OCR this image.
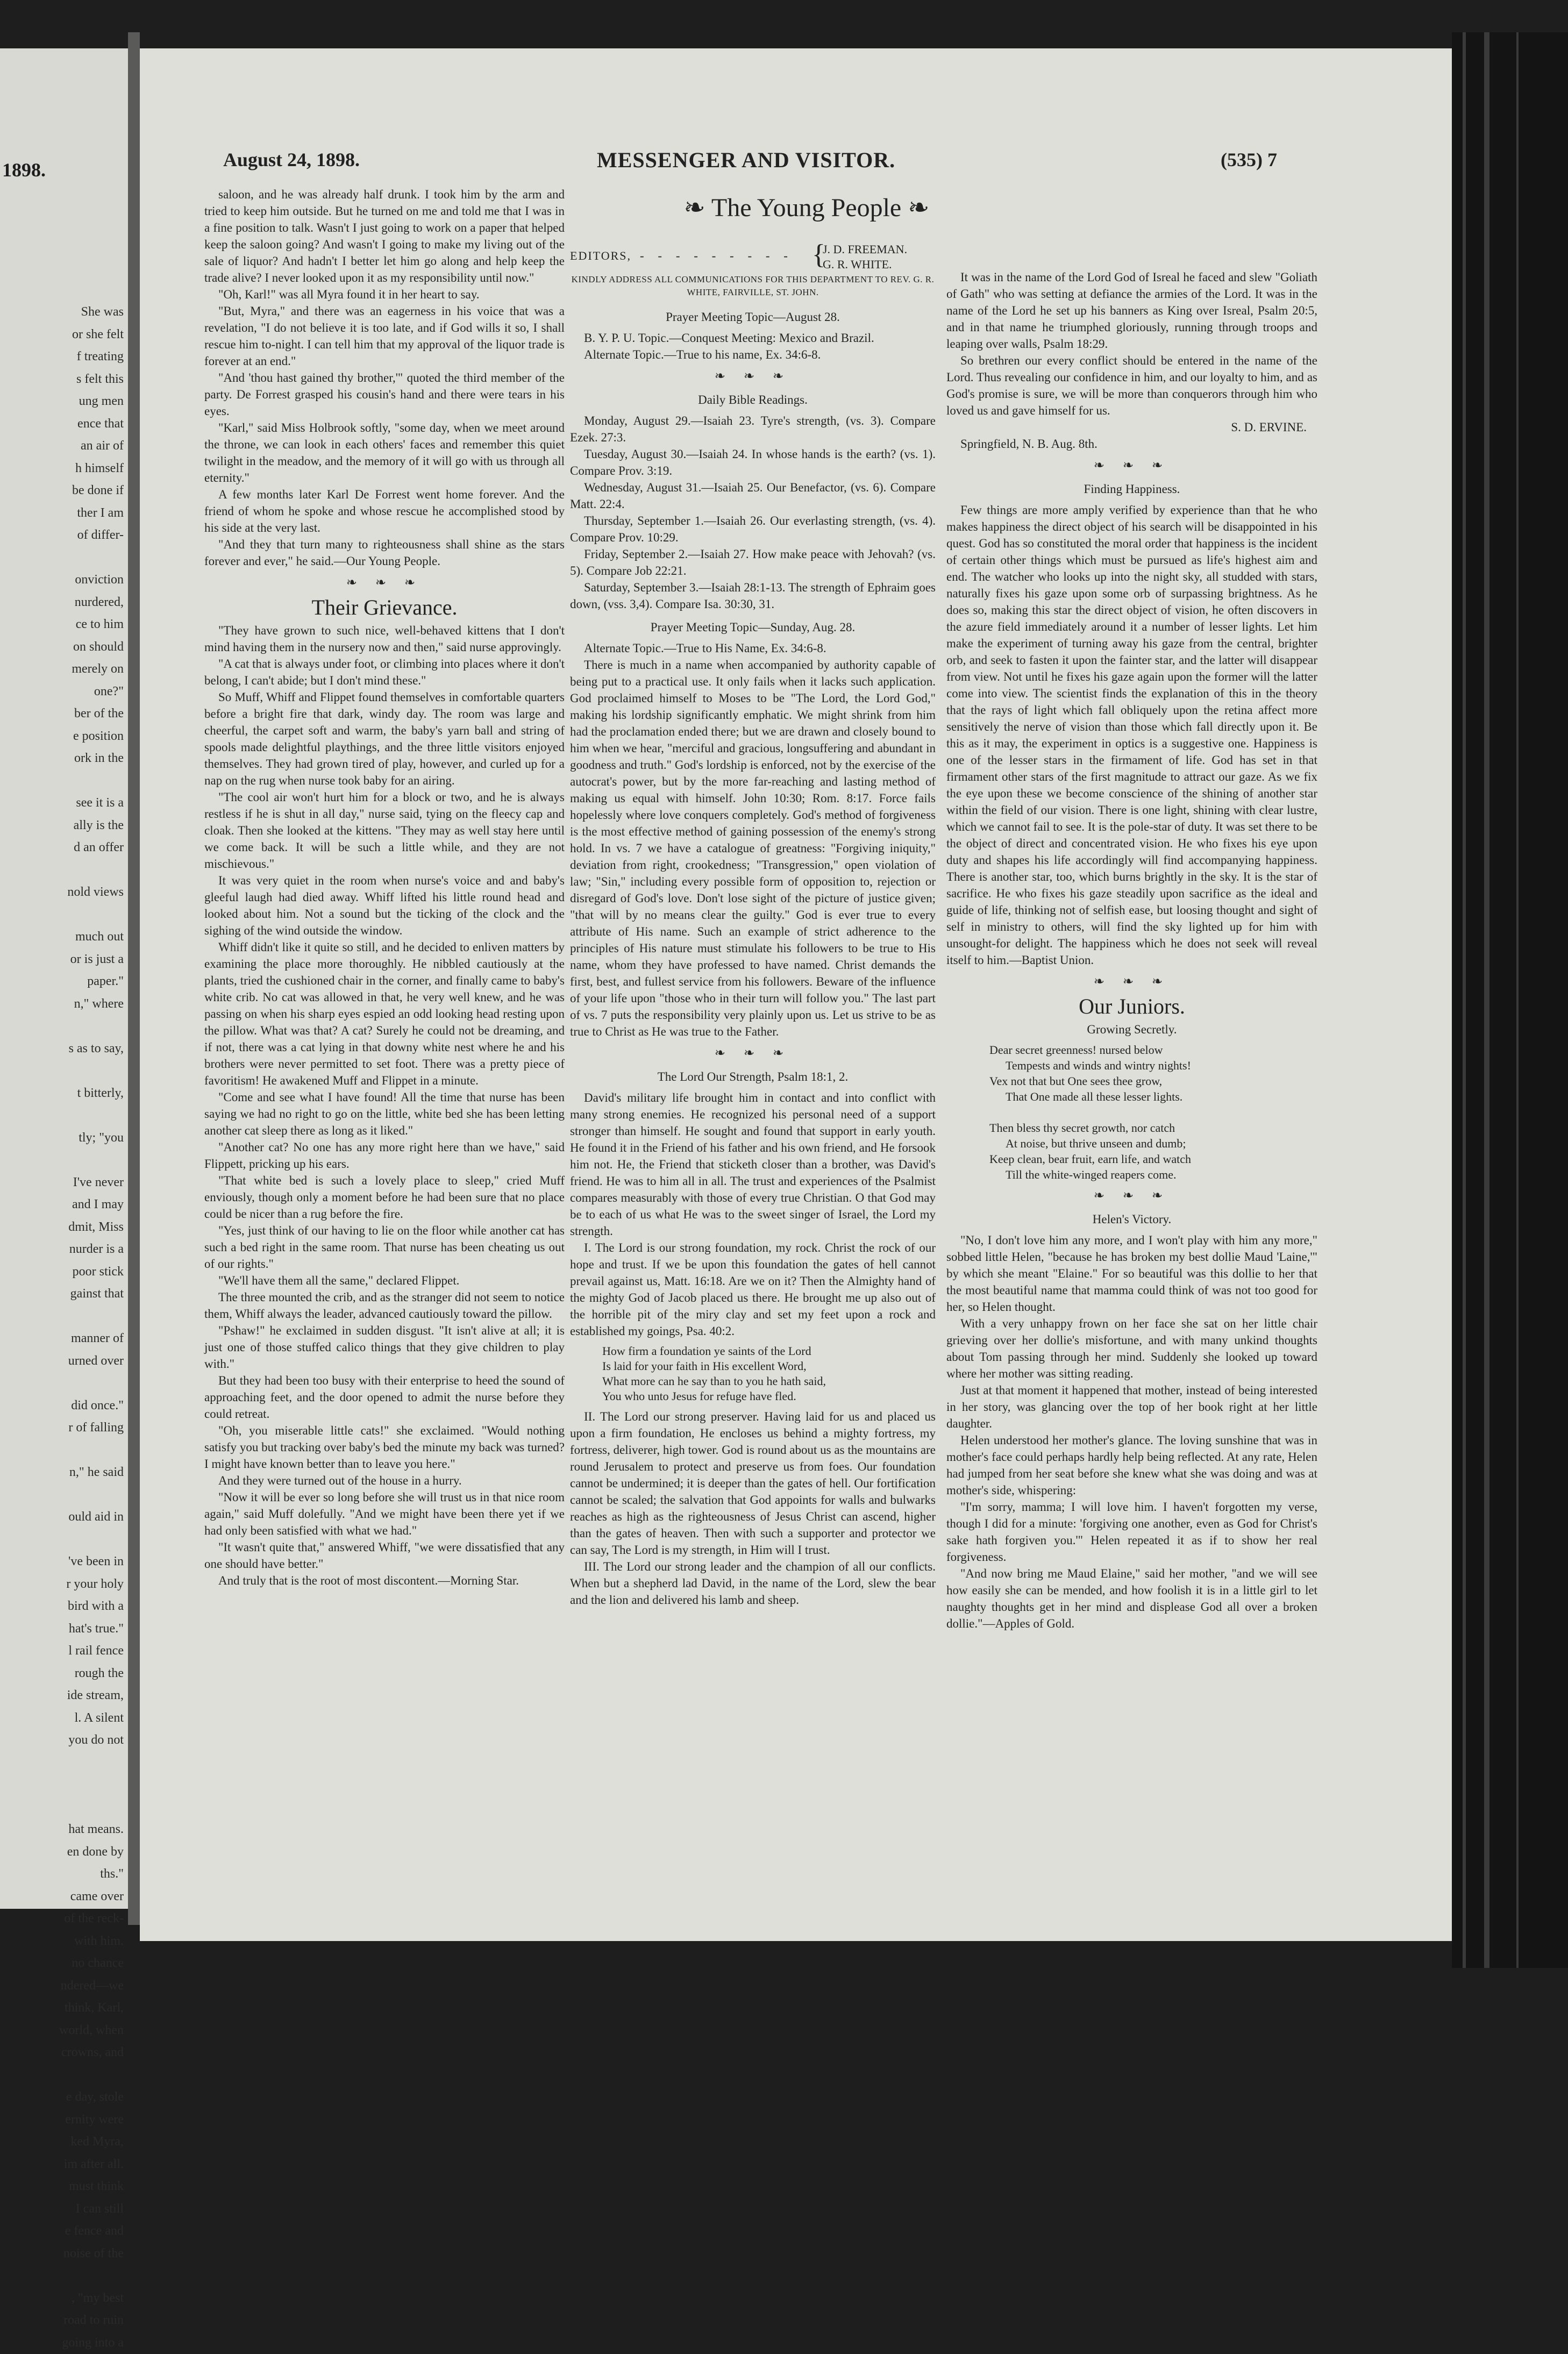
1898.
She was
or she felt
f treating
s felt this
ung men
ence that
an air of
h himself
be done if
ther I am
of differ-

onviction
nurdered,
ce to him
on should
merely on
one?"
ber of the
e position
ork in the

see it is a
ally is the
d an offer

nold views

much out
or is just a
paper."
n," where

s as to say,

t bitterly,

tly; "you

I've never
and I may
dmit, Miss
nurder is a
poor stick
gainst that

manner of
urned over

did once."
r of falling

n," he said

ould aid in

've been in
r your holy
bird with a
hat's true."
l rail fence
rough the
ide stream,
l. A silent
you do not

hat means.
en done by
ths."
came over
of the reck-
with him.
no chance
ndered—we
think, Karl,
world, when
crowns, and

e day, stole
ernity were
ked Myra,
im after all.
must think
I can still
e fence and
noise of the

, "my best
road to ruin
going into a
August 24, 1898.	MESSENGER AND VISITOR.	(535) 7

saloon, and he was already half drunk. I took him by the arm and tried to keep him outside. But he turned on me and told me that I was in a fine position to talk. Wasn't I just going to work on a paper that helped keep the saloon going? And wasn't I going to make my living out of the sale of liquor? And hadn't I better let him go along and help keep the trade alive? I never looked upon it as my responsibility until now."

"Oh, Karl!" was all Myra found it in her heart to say.

"But, Myra," and there was an eagerness in his voice that was a revelation, "I do not believe it is too late, and if God wills it so, I shall rescue him to-night. I can tell him that my approval of the liquor trade is forever at an end."

"And 'thou hast gained thy brother,'" quoted the third member of the party. De Forrest grasped his cousin's hand and there were tears in his eyes.

"Karl," said Miss Holbrook softly, "some day, when we meet around the throne, we can look in each others' faces and remember this quiet twilight in the meadow, and the memory of it will go with us through all eternity."

A few months later Karl De Forrest went home forever. And the friend of whom he spoke and whose rescue he accomplished stood by his side at the very last.

"And they that turn many to righteousness shall shine as the stars forever and ever," he said.—Our Young People.

❧ ❧ ❧
Their Grievance.

"They have grown to such nice, well-behaved kittens that I don't mind having them in the nursery now and then," said nurse approvingly.

"A cat that is always under foot, or climbing into places where it don't belong, I can't abide; but I don't mind these."

So Muff, Whiff and Flippet found themselves in comfortable quarters before a bright fire that dark, windy day. The room was large and cheerful, the carpet soft and warm, the baby's yarn ball and string of spools made delightful playthings, and the three little visitors enjoyed themselves. They had grown tired of play, however, and curled up for a nap on the rug when nurse took baby for an airing.

"The cool air won't hurt him for a block or two, and he is always restless if he is shut in all day," nurse said, tying on the fleecy cap and cloak. Then she looked at the kittens. "They may as well stay here until we come back. It will be such a little while, and they are not mischievous."

It was very quiet in the room when nurse's voice and and baby's gleeful laugh had died away. Whiff lifted his little round head and looked about him. Not a sound but the ticking of the clock and the sighing of the wind outside the window.

Whiff didn't like it quite so still, and he decided to enliven matters by examining the place more thoroughly. He nibbled cautiously at the plants, tried the cushioned chair in the corner, and finally came to baby's white crib. No cat was allowed in that, he very well knew, and he was passing on when his sharp eyes espied an odd looking head resting upon the pillow. What was that? A cat? Surely he could not be dreaming, and if not, there was a cat lying in that downy white nest where he and his brothers were never permitted to set foot. There was a pretty piece of favoritism! He awakened Muff and Flippet in a minute.

"Come and see what I have found! All the time that nurse has been saying we had no right to go on the little, white bed she has been letting another cat sleep there as long as it liked."

"Another cat? No one has any more right here than we have," said Flippett, pricking up his ears.

"That white bed is such a lovely place to sleep," cried Muff enviously, though only a moment before he had been sure that no place could be nicer than a rug before the fire.

"Yes, just think of our having to lie on the floor while another cat has such a bed right in the same room. That nurse has been cheating us out of our rights."

"We'll have them all the same," declared Flippet.

The three mounted the crib, and as the stranger did not seem to notice them, Whiff always the leader, advanced cautiously toward the pillow.

"Pshaw!" he exclaimed in sudden disgust. "It isn't alive at all; it is just one of those stuffed calico things that they give children to play with."

But they had been too busy with their enterprise to heed the sound of approaching feet, and the door opened to admit the nurse before they could retreat.

"Oh, you miserable little cats!" she exclaimed. "Would nothing satisfy you but tracking over baby's bed the minute my back was turned? I might have known better than to leave you here."

And they were turned out of the house in a hurry.

"Now it will be ever so long before she will trust us in that nice room again," said Muff dolefully. "And we might have been there yet if we had only been satisfied with what we had."

"It wasn't quite that," answered Whiff, "we were dissatisfied that any one should have better."

And truly that is the root of most discontent.—Morning Star.

❧ The Young People ❧
EDITORS, - - - - - - - - - {
J. D. FREEMAN.
G. R. WHITE.
KINDLY ADDRESS ALL COMMUNICATIONS FOR THIS DEPARTMENT TO REV. G. R. WHITE, FAIRVILLE, ST. JOHN.
Prayer Meeting Topic—August 28.

B. Y. P. U. Topic.—Conquest Meeting: Mexico and Brazil.

Alternate Topic.—True to his name, Ex. 34:6-8.

❧ ❧ ❧
Daily Bible Readings.

Monday, August 29.—Isaiah 23. Tyre's strength, (vs. 3). Compare Ezek. 27:3.

Tuesday, August 30.—Isaiah 24. In whose hands is the earth? (vs. 1). Compare Prov. 3:19.

Wednesday, August 31.—Isaiah 25. Our Benefactor, (vs. 6). Compare Matt. 22:4.

Thursday, September 1.—Isaiah 26. Our everlasting strength, (vs. 4). Compare Prov. 10:29.

Friday, September 2.—Isaiah 27. How make peace with Jehovah? (vs. 5). Compare Job 22:21.

Saturday, September 3.—Isaiah 28:1-13. The strength of Ephraim goes down, (vss. 3,4). Compare Isa. 30:30, 31.

Prayer Meeting Topic—Sunday, Aug. 28.

Alternate Topic.—True to His Name, Ex. 34:6-8.

There is much in a name when accompanied by authority capable of being put to a practical use. It only fails when it lacks such application. God proclaimed himself to Moses to be "The Lord, the Lord God," making his lordship significantly emphatic. We might shrink from him had the proclamation ended there; but we are drawn and closely bound to him when we hear, "merciful and gracious, longsuffering and abundant in goodness and truth." God's lordship is enforced, not by the exercise of the autocrat's power, but by the more far-reaching and lasting method of making us equal with himself. John 10:30; Rom. 8:17. Force fails hopelessly where love conquers completely. God's method of forgiveness is the most effective method of gaining possession of the enemy's strong hold. In vs. 7 we have a catalogue of greatness: "Forgiving iniquity," deviation from right, crookedness; "Transgression," open violation of law; "Sin," including every possible form of opposition to, rejection or disregard of God's love. Don't lose sight of the picture of justice given; "that will by no means clear the guilty." God is ever true to every attribute of His name. Such an example of strict adherence to the principles of His nature must stimulate his followers to be true to His name, whom they have professed to have named. Christ demands the first, best, and fullest service from his followers. Beware of the influence of your life upon "those who in their turn will follow you." The last part of vs. 7 puts the responsibility very plainly upon us. Let us strive to be as true to Christ as He was true to the Father.

❧ ❧ ❧
The Lord Our Strength, Psalm 18:1, 2.

David's military life brought him in contact and into conflict with many strong enemies. He recognized his personal need of a support stronger than himself. He sought and found that support in early youth. He found it in the Friend of his father and his own friend, and He forsook him not. He, the Friend that sticketh closer than a brother, was David's friend. He was to him all in all. The trust and experiences of the Psalmist compares measurably with those of every true Christian. O that God may be to each of us what He was to the sweet singer of Israel, the Lord my strength.

I. The Lord is our strong foundation, my rock. Christ the rock of our hope and trust. If we be upon this foundation the gates of hell cannot prevail against us, Matt. 16:18. Are we on it? Then the Almighty hand of the mighty God of Jacob placed us there. He brought me up also out of the horrible pit of the miry clay and set my feet upon a rock and established my goings, Psa. 40:2.

How firm a foundation ye saints of the Lord
Is laid for your faith in His excellent Word,
What more can he say than to you he hath said,
You who unto Jesus for refuge have fled.

II. The Lord our strong preserver. Having laid for us and placed us upon a firm foundation, He encloses us behind a mighty fortress, my fortress, deliverer, high tower. God is round about us as the mountains are round Jerusalem to protect and preserve us from foes. Our foundation cannot be undermined; it is deeper than the gates of hell. Our fortification cannot be scaled; the salvation that God appoints for walls and bulwarks reaches as high as the righteousness of Jesus Christ can ascend, higher than the gates of heaven. Then with such a supporter and protector we can say, The Lord is my strength, in Him will I trust.

III. The Lord our strong leader and the champion of all our conflicts. When but a shepherd lad David, in the name of the Lord, slew the bear and the lion and delivered his lamb and sheep.

It was in the name of the Lord God of Isreal he faced and slew "Goliath of Gath" who was setting at defiance the armies of the Lord. It was in the name of the Lord he set up his banners as King over Isreal, Psalm 20:5, and in that name he triumphed gloriously, running through troops and leaping over walls, Psalm 18:29.

So brethren our every conflict should be entered in the name of the Lord. Thus revealing our confidence in him, and our loyalty to him, and as God's promise is sure, we will be more than conquerors through him who loved us and gave himself for us.

S. D. ERVINE.
Springfield, N. B. Aug. 8th.
❧ ❧ ❧
Finding Happiness.

Few things are more amply verified by experience than that he who makes happiness the direct object of his search will be disappointed in his quest. God has so constituted the moral order that happiness is the incident of certain other things which must be pursued as life's highest aim and end. The watcher who looks up into the night sky, all studded with stars, naturally fixes his gaze upon some orb of surpassing brightness. As he does so, making this star the direct object of vision, he often discovers in the azure field immediately around it a number of lesser lights. Let him make the experiment of turning away his gaze from the central, brighter orb, and seek to fasten it upon the fainter star, and the latter will disappear from view. Not until he fixes his gaze again upon the former will the latter come into view. The scientist finds the explanation of this in the theory that the rays of light which fall obliquely upon the retina affect more sensitively the nerve of vision than those which fall directly upon it. Be this as it may, the experiment in optics is a suggestive one. Happiness is one of the lesser stars in the firmament of life. God has set in that firmament other stars of the first magnitude to attract our gaze. As we fix the eye upon these we become conscience of the shining of another star within the field of our vision. There is one light, shining with clear lustre, which we cannot fail to see. It is the pole-star of duty. It was set there to be the object of direct and concentrated vision. He who fixes his eye upon duty and shapes his life accordingly will find accompanying happiness. There is another star, too, which burns brightly in the sky. It is the star of sacrifice. He who fixes his gaze steadily upon sacrifice as the ideal and guide of life, thinking not of selfish ease, but loosing thought and sight of self in ministry to others, will find the sky lighted up for him with unsought-for delight. The happiness which he does not seek will reveal itself to him.—Baptist Union.

❧ ❧ ❧
Our Juniors.
Growing Secretly.
Dear secret greenness! nursed below
Tempests and winds and wintry nights!
Vex not that but One sees thee grow,
That One made all these lesser lights.

Then bless thy secret growth, nor catch
At noise, but thrive unseen and dumb;
Keep clean, bear fruit, earn life, and watch
Till the white-winged reapers come.
❧ ❧ ❧
Helen's Victory.

"No, I don't love him any more, and I won't play with him any more," sobbed little Helen, "because he has broken my best dollie Maud 'Laine,'" by which she meant "Elaine." For so beautiful was this dollie to her that the most beautiful name that mamma could think of was not too good for her, so Helen thought.

With a very unhappy frown on her face she sat on her little chair grieving over her dollie's misfortune, and with many unkind thoughts about Tom passing through her mind. Suddenly she looked up toward where her mother was sitting reading.

Just at that moment it happened that mother, instead of being interested in her story, was glancing over the top of her book right at her little daughter.

Helen understood her mother's glance. The loving sunshine that was in mother's face could perhaps hardly help being reflected. At any rate, Helen had jumped from her seat before she knew what she was doing and was at mother's side, whispering:

"I'm sorry, mamma; I will love him. I haven't forgotten my verse, though I did for a minute: 'forgiving one another, even as God for Christ's sake hath forgiven you.'" Helen repeated it as if to show her real forgiveness.

"And now bring me Maud Elaine," said her mother, "and we will see how easily she can be mended, and how foolish it is in a little girl to let naughty thoughts get in her mind and displease God all over a broken dollie."—Apples of Gold.
